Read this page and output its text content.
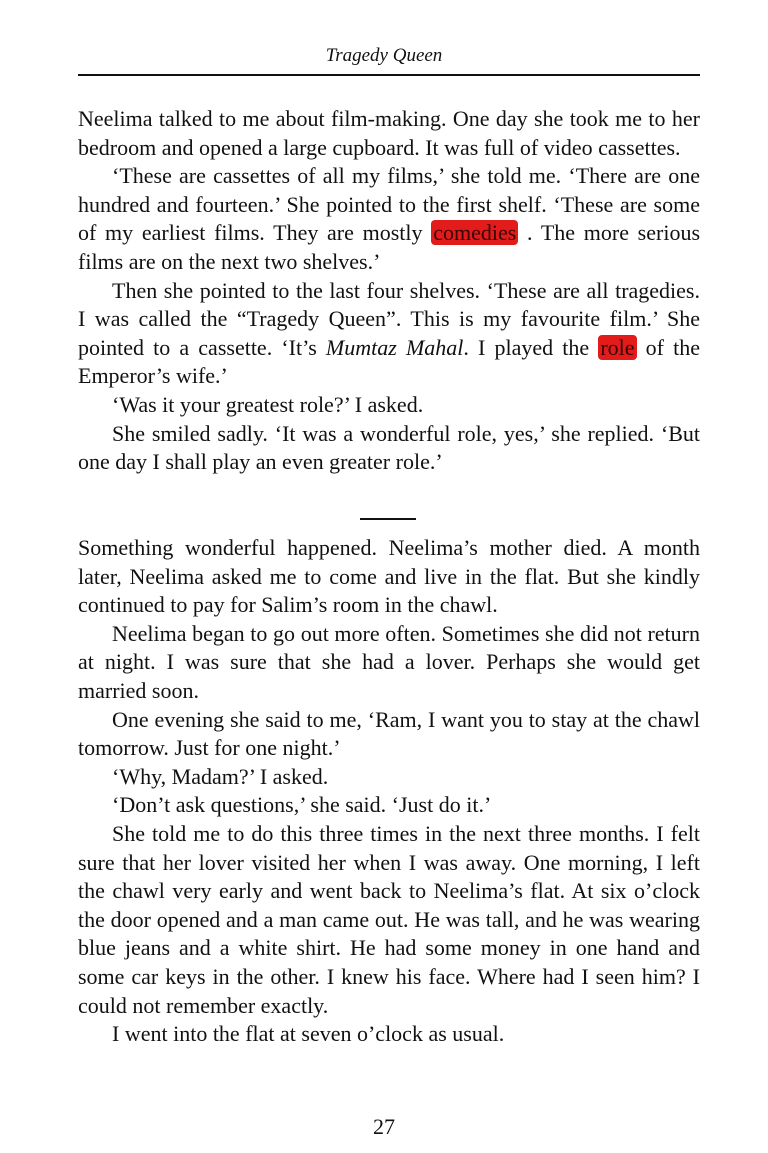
Tragedy Queen

Neelima talked to me about film-making. One day she took me to her bedroom and opened a large cupboard. It was full of video cassettes.

‘These are cassettes of all my films,’ she told me. ‘There are one hundred and fourteen.’ She pointed to the first shelf. ‘These are some of my earliest films. They are mostly comedies . The more serious films are on the next two shelves.’

Then she pointed to the last four shelves. ‘These are all tragedies. I was called the “Tragedy Queen”. This is my favourite film.’ She pointed to a cassette. ‘It’s Mumtaz Mahal. I played the role of the Emperor’s wife.’

‘Was it your greatest role?’ I asked.

She smiled sadly. ‘It was a wonderful role, yes,’ she replied. ‘But one day I shall play an even greater role.’

Something wonderful happened. Neelima’s mother died. A month later, Neelima asked me to come and live in the flat. But she kindly continued to pay for Salim’s room in the chawl.

Neelima began to go out more often. Sometimes she did not return at night. I was sure that she had a lover. Perhaps she would get married soon.

One evening she said to me, ‘Ram, I want you to stay at the chawl tomorrow. Just for one night.’

‘Why, Madam?’ I asked.

‘Don’t ask questions,’ she said. ‘Just do it.’

She told me to do this three times in the next three months. I felt sure that her lover visited her when I was away. One morning, I left the chawl very early and went back to Neelima’s flat. At six o’clock the door opened and a man came out. He was tall, and he was wearing blue jeans and a white shirt. He had some money in one hand and some car keys in the other. I knew his face. Where had I seen him? I could not remember exactly.

I went into the flat at seven o’clock as usual.

27
